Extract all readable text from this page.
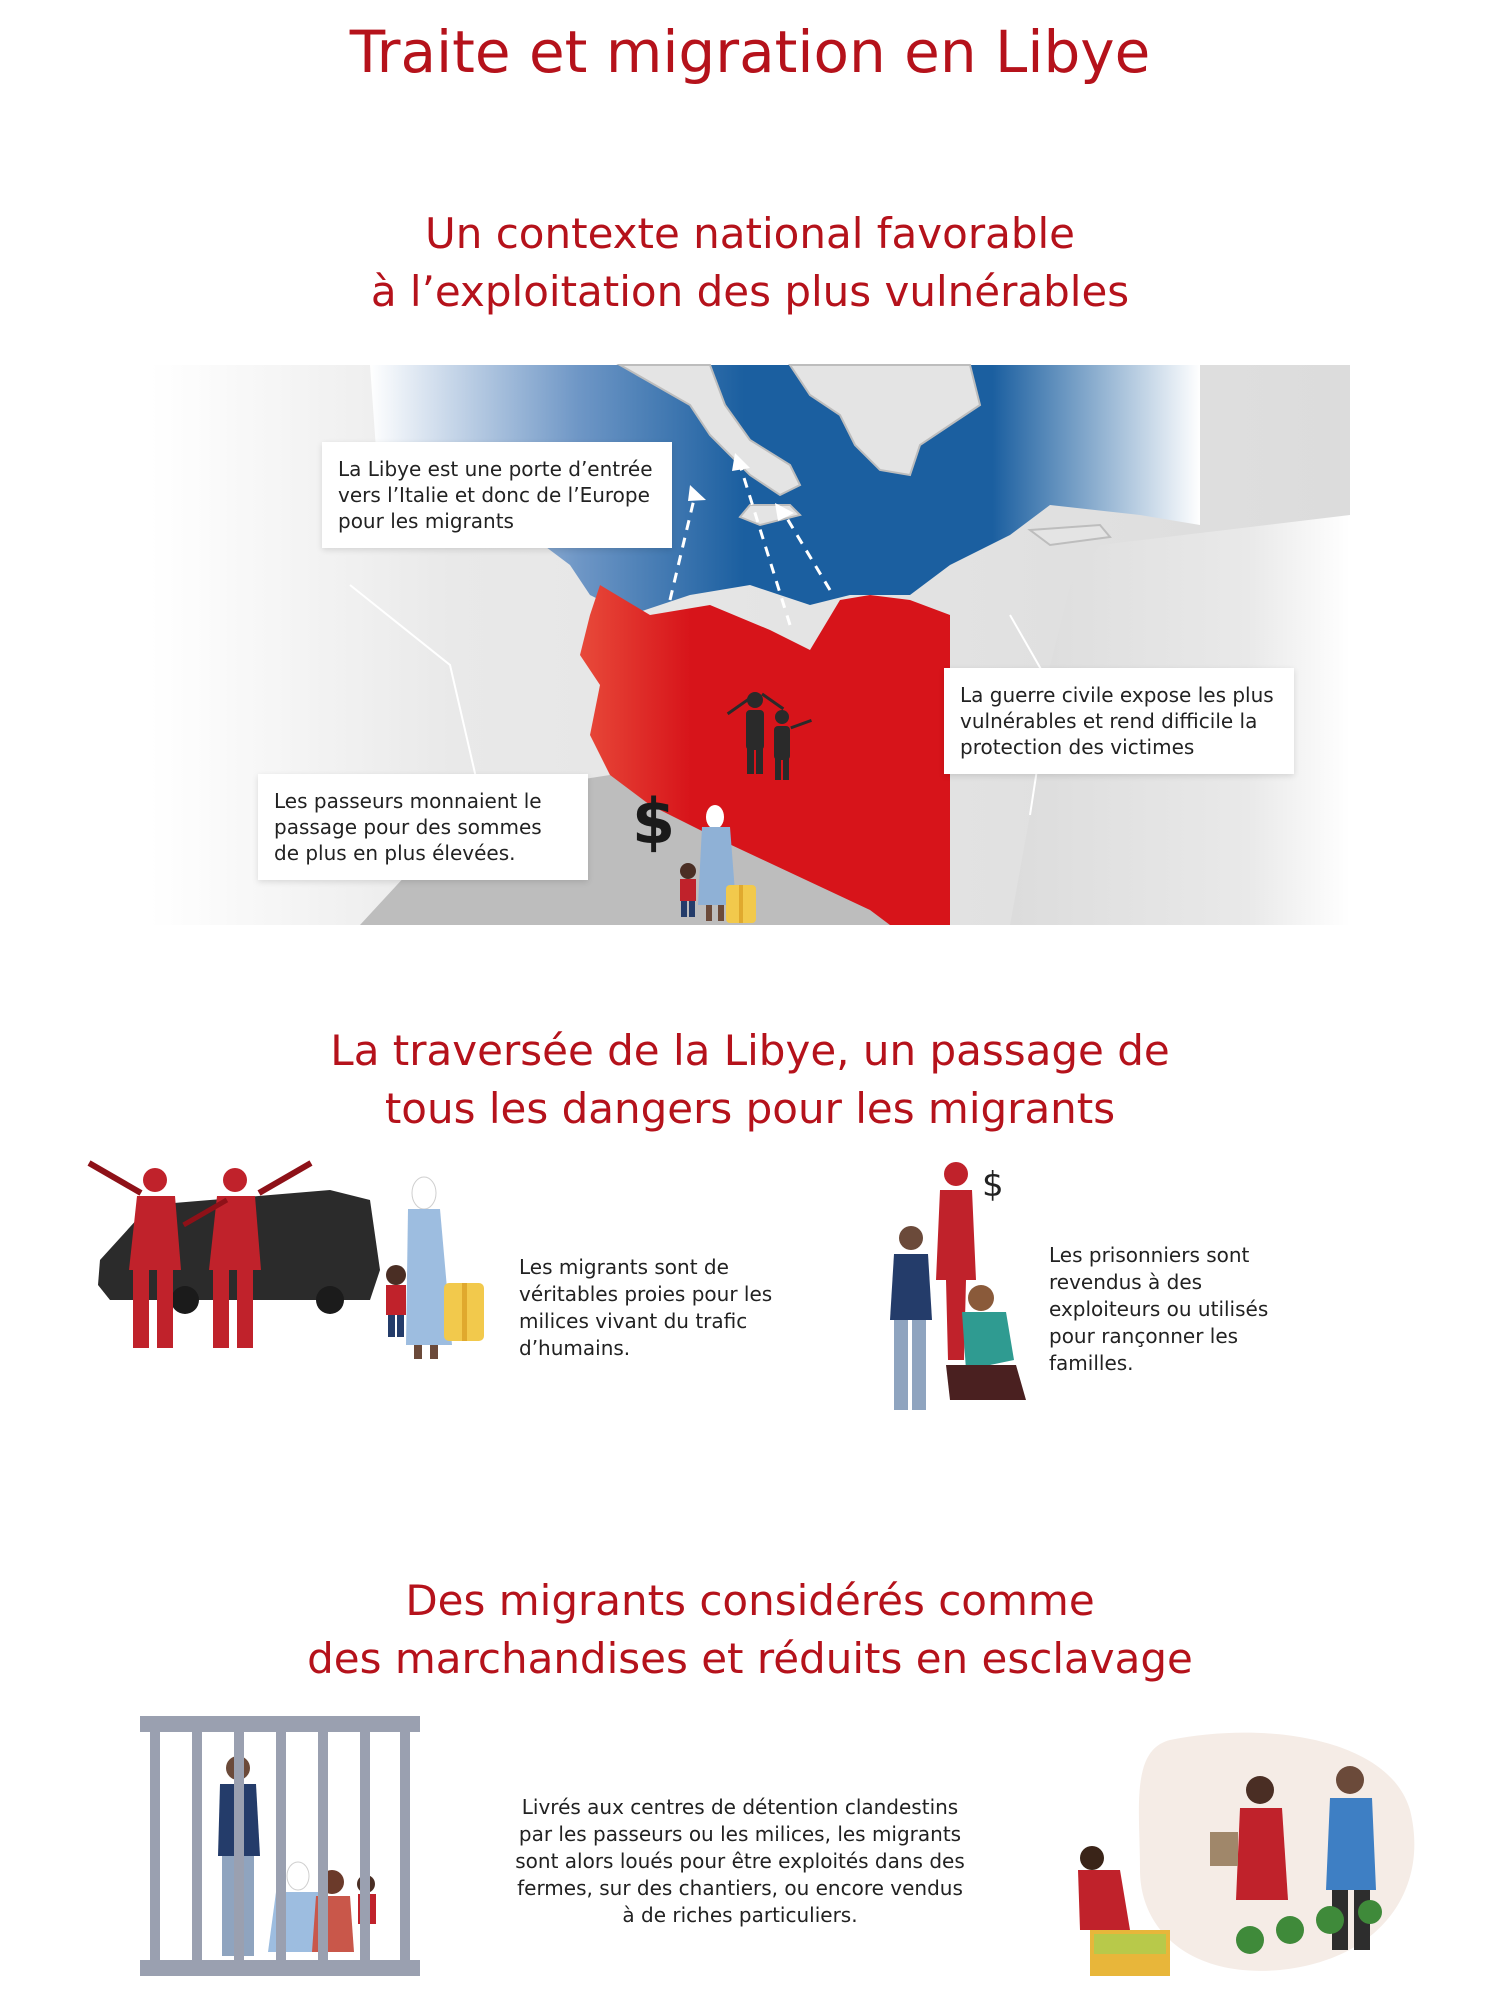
Traite et migration en Libye
Un contexte national favorable
à l’exploitation des plus vulnérables
$
La Libye est une porte d’entrée vers l’Italie et donc de l’Europe pour les migrants
La guerre civile expose les plus vulnérables et rend difficile la protection des victimes
Les passeurs monnaient le passage pour des sommes de plus en plus élevées.
La traversée de la Libye, un passage de
tous les dangers pour les migrants
Les migrants sont de véritables proies pour les milices vivant du trafic d’humains.
$
Les prisonniers sont revendus à des exploiteurs ou utilisés pour rançonner les familles.
Des migrants considérés comme
des marchandises et réduits en esclavage
Livrés aux centres de détention clandestins par les passeurs ou les milices, les migrants sont alors loués pour être exploités dans des fermes, sur des chantiers, ou encore vendus à de riches particuliers.
